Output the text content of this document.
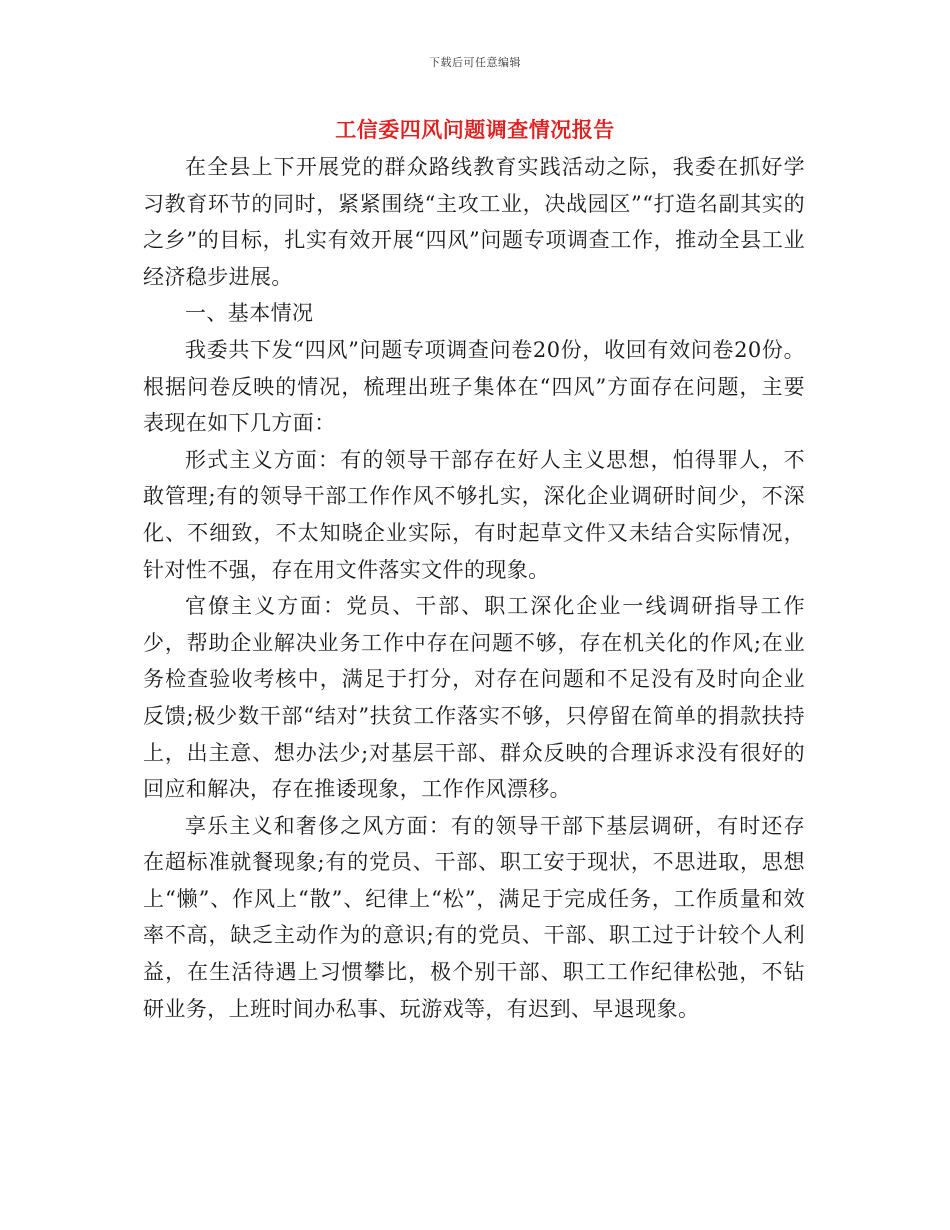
下载后可任意编辑
工信委四风问题调查情况报告

在全县上下开展党的群众路线教育实践活动之际，我委在抓好学习教育环节的同时，紧紧围绕“主攻工业，决战园区”“打造名副其实的之乡”的目标，扎实有效开展“四风”问题专项调查工作，推动全县工业经济稳步进展。

一、基本情况

我委共下发“四风”问题专项调查问卷20份，收回有效问卷20份。根据问卷反映的情况，梳理出班子集体在“四风”方面存在问题，主要表现在如下几方面：

形式主义方面：有的领导干部存在好人主义思想，怕得罪人，不敢管理;有的领导干部工作作风不够扎实，深化企业调研时间少，不深化、不细致，不太知晓企业实际，有时起草文件又未结合实际情况，针对性不强，存在用文件落实文件的现象。

官僚主义方面：党员、干部、职工深化企业一线调研指导工作少，帮助企业解决业务工作中存在问题不够，存在机关化的作风;在业务检查验收考核中，满足于打分，对存在问题和不足没有及时向企业反馈;极少数干部“结对”扶贫工作落实不够，只停留在简单的捐款扶持上，出主意、想办法少;对基层干部、群众反映的合理诉求没有很好的回应和解决，存在推诿现象，工作作风漂移。

享乐主义和奢侈之风方面：有的领导干部下基层调研，有时还存在超标准就餐现象;有的党员、干部、职工安于现状，不思进取，思想上“懒”、作风上“散”、纪律上“松”，满足于完成任务，工作质量和效率不高，缺乏主动作为的意识;有的党员、干部、职工过于计较个人利益，在生活待遇上习惯攀比，极个别干部、职工工作纪律松弛，不钻研业务，上班时间办私事、玩游戏等，有迟到、早退现象。
